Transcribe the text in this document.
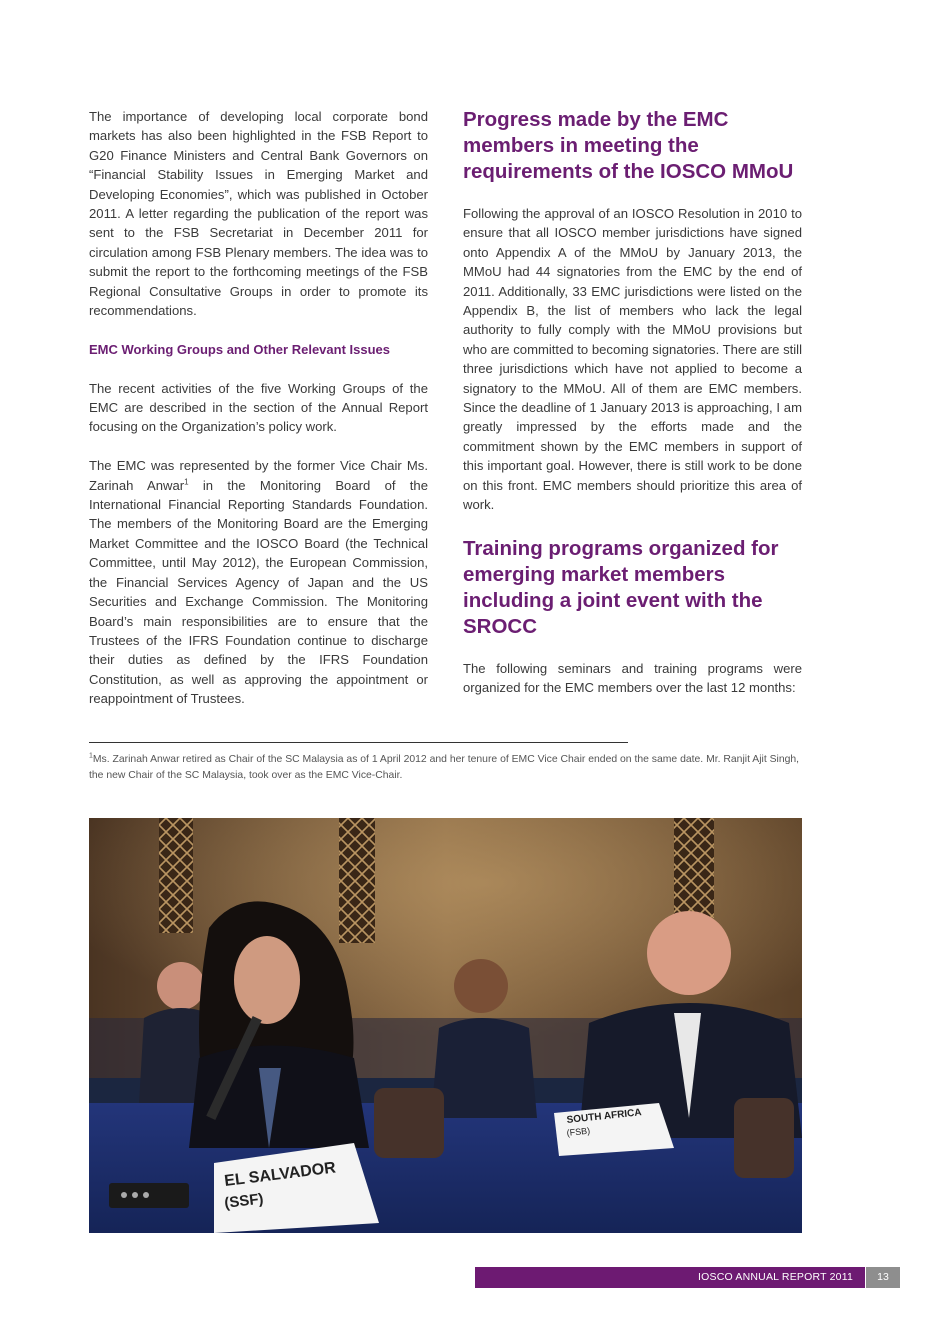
The importance of developing local corporate bond markets has also been highlighted in the FSB Report to G20 Finance Ministers and Central Bank Governors on “Financial Stability Issues in Emerging Market and Developing Economies”, which was published in October 2011. A letter regarding the publication of the report was sent to the FSB Secretariat in December 2011 for circulation among FSB Plenary members. The idea was to submit the report to the forthcoming meetings of the FSB Regional Consultative Groups in order to promote its recommendations.

EMC Working Groups and Other Relevant Issues

The recent activities of the five Working Groups of the EMC are described in the section of the Annual Report focusing on the Organization’s policy work.

The EMC was represented by the former Vice Chair Ms. Zarinah Anwar$^1$ in the Monitoring Board of the International Financial Reporting Standards Foundation. The members of the Monitoring Board are the Emerging Market Committee and the IOSCO Board (the Technical Committee, until May 2012), the European Commission, the Financial Services Agency of Japan and the US Securities and Exchange Commission. The Monitoring Board’s main responsibilities are to ensure that the Trustees of the IFRS Foundation continue to discharge their duties as defined by the IFRS Foundation Constitution, as well as approving the appointment or reappointment of Trustees.

Progress made by the EMC members in meeting the requirements of the IOSCO MMoU

Following the approval of an IOSCO Resolution in 2010 to ensure that all IOSCO member jurisdictions have signed onto Appendix A of the MMoU by January 2013, the MMoU had 44 signatories from the EMC by the end of 2011. Additionally, 33 EMC jurisdictions were listed on the Appendix B, the list of members who lack the legal authority to fully comply with the MMoU provisions but who are committed to becoming signatories. There are still three jurisdictions which have not applied to become a signatory to the MMoU. All of them are EMC members. Since the deadline of 1 January 2013 is approaching, I am greatly impressed by the efforts made and the commitment shown by the EMC members in support of this important goal. However, there is still work to be done on this front. EMC members should prioritize this area of work.

Training programs organized for emerging market members including a joint event with the SROCC

The following seminars and training programs were organized for the EMC members over the last 12 months:

$^1$Ms. Zarinah Anwar retired as Chair of the SC Malaysia as of 1 April 2012 and her tenure of EMC Vice Chair ended on the same date. Mr. Ranjit Ajit Singh, the new Chair of the SC Malaysia, took over as the EMC Vice-Chair.
SOUTH AFRICA
(FSB)
EL SALVADOR
(SSF)
IOSCO ANNUAL REPORT 2011	13
